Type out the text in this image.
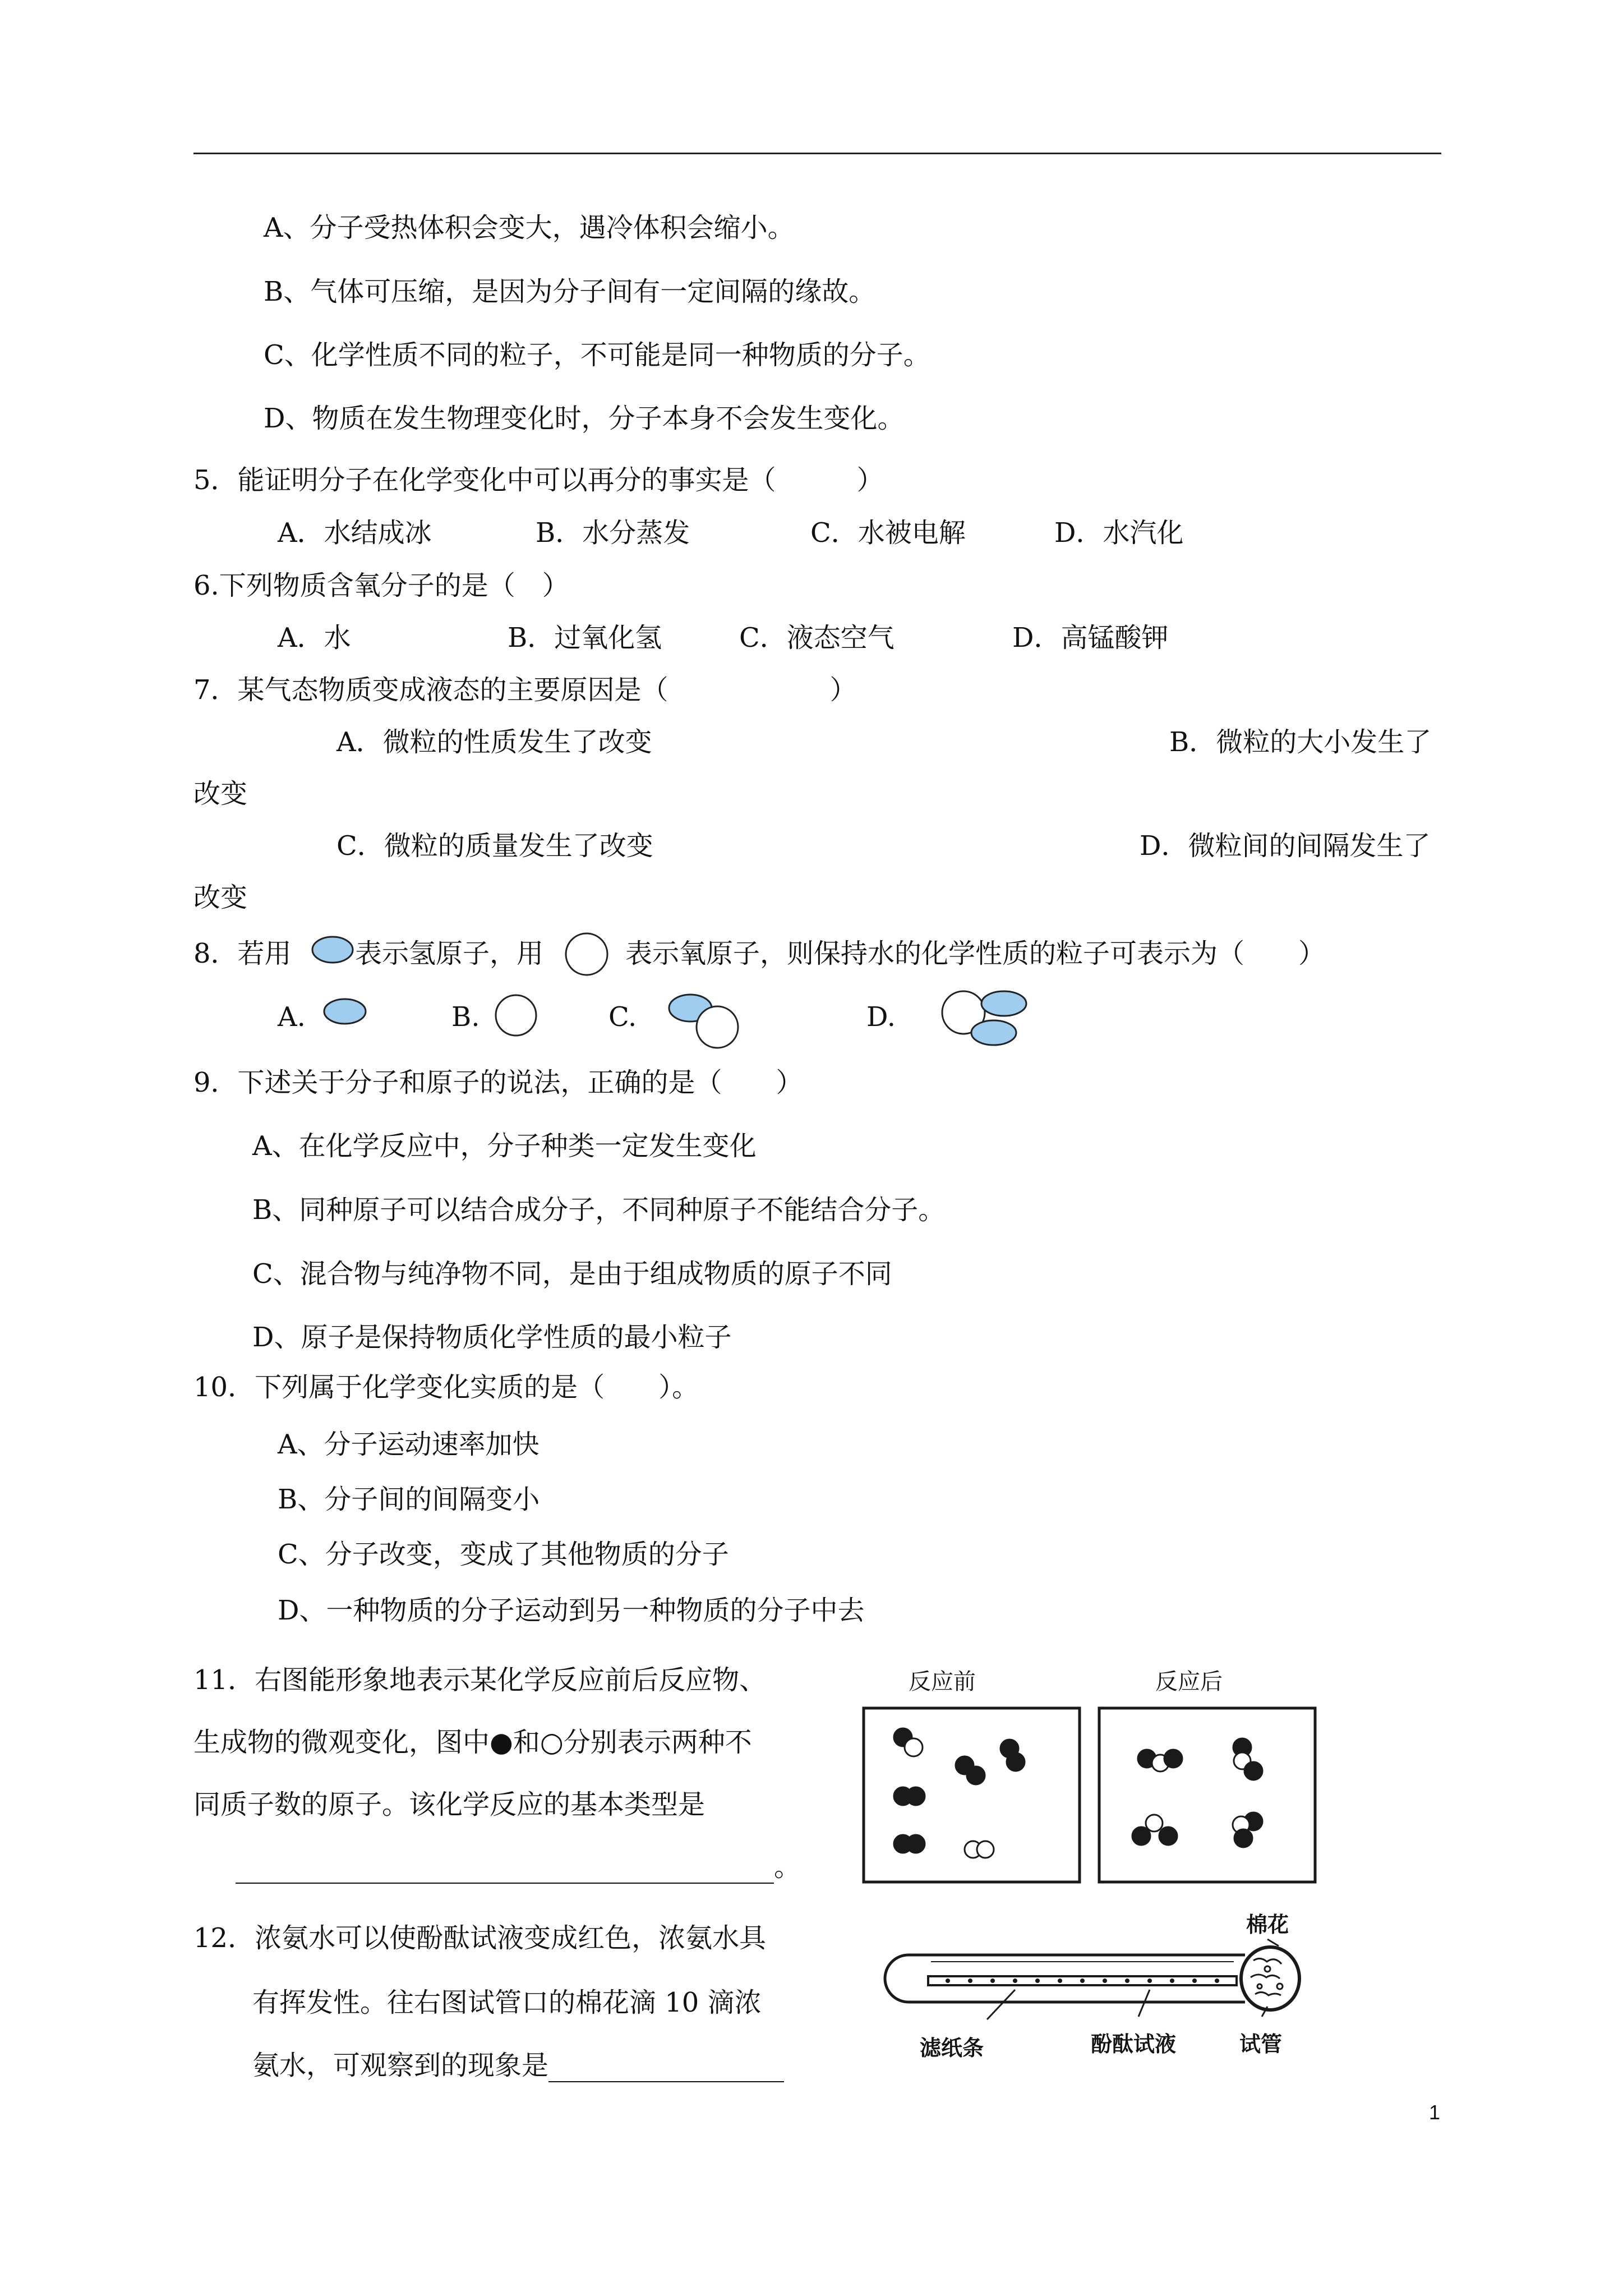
A、分子受热体积会变大，遇冷体积会缩小。
B、气体可压缩，是因为分子间有一定间隔的缘故。
C、化学性质不同的粒子，不可能是同一种物质的分子。
D、物质在发生物理变化时，分子本身不会发生变化。
5．能证明分子在化学变化中可以再分的事实是（　　　）
A．水结成冰	B．水分蒸发	C．水被电解	D．水汽化
6.下列物质含氧分子的是（　）
A．水	B．过氧化氢	C．液态空气	D．高锰酸钾
7．某气态物质变成液态的主要原因是（　　　　　　）
A．微粒的性质发生了改变	B．微粒的大小发生了
改变
C．微粒的质量发生了改变	D．微粒间的间隔发生了
改变
8．若用 表示氢原子，用	表示氧原子，则保持水的化学性质的粒子可表示为（　　）
A.	B.	C.	D.
9．下述关于分子和原子的说法，正确的是（　　）
A、在化学反应中，分子种类一定发生变化
B、同种原子可以结合成分子，不同种原子不能结合分子。
C、混合物与纯净物不同，是由于组成物质的原子不同
D、原子是保持物质化学性质的最小粒子
10．下列属于化学变化实质的是（　　）。
A、分子运动速率加快
B、分子间的间隔变小
C、分子改变，变成了其他物质的分子
D、一种物质的分子运动到另一种物质的分子中去
11．右图能形象地表示某化学反应前后反应物、
生成物的微观变化，图中●和○分别表示两种不
同质子数的原子。该化学反应的基本类型是
。
反应前	反应后
12．浓氨水可以使酚酞试液变成红色，浓氨水具
有挥发性。往右图试管口的棉花滴 10 滴浓
氨水，可观察到的现象是
棉花
滤纸条	酚酞试液	试管
1
